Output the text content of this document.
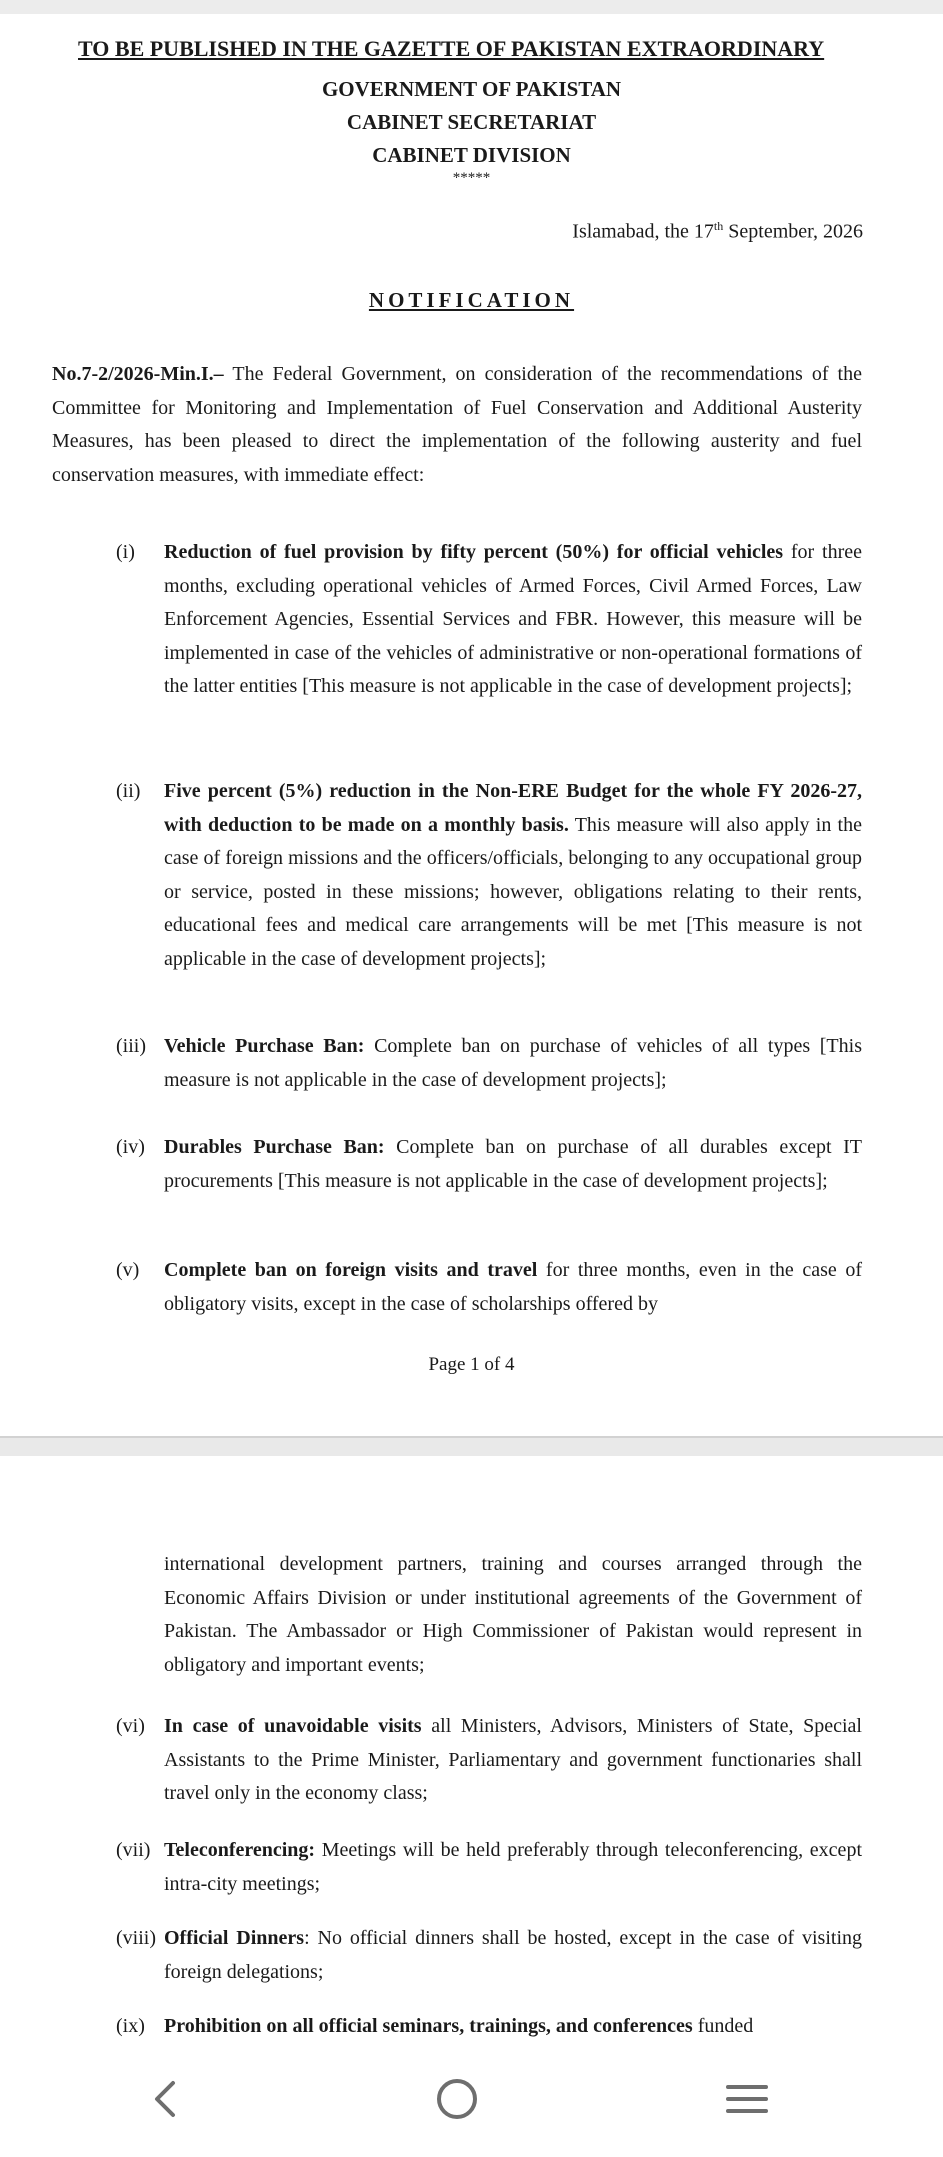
TO BE PUBLISHED IN THE GAZETTE OF PAKISTAN EXTRAORDINARY
GOVERNMENT OF PAKISTAN
CABINET SECRETARIAT
CABINET DIVISION
*****
Islamabad, the 17th September, 2026
NOTIFICATION
No.7-2/2026-Min.I.– The Federal Government, on consideration of the recommendations of the Committee for Monitoring and Implementation of Fuel Conservation and Additional Austerity Measures, has been pleased to direct the implementation of the following austerity and fuel conservation measures, with immediate effect:
(i) Reduction of fuel provision by fifty percent (50%) for official vehicles for three months, excluding operational vehicles of Armed Forces, Civil Armed Forces, Law Enforcement Agencies, Essential Services and FBR. However, this measure will be implemented in case of the vehicles of administrative or non-operational formations of the latter entities [This measure is not applicable in the case of development projects];
(ii) Five percent (5%) reduction in the Non-ERE Budget for the whole FY 2026-27, with deduction to be made on a monthly basis. This measure will also apply in the case of foreign missions and the officers/officials, belonging to any occupational group or service, posted in these missions; however, obligations relating to their rents, educational fees and medical care arrangements will be met [This measure is not applicable in the case of development projects];
(iii) Vehicle Purchase Ban: Complete ban on purchase of vehicles of all types [This measure is not applicable in the case of development projects];
(iv) Durables Purchase Ban: Complete ban on purchase of all durables except IT procurements [This measure is not applicable in the case of development projects];
(v) Complete ban on foreign visits and travel for three months, even in the case of obligatory visits, except in the case of scholarships offered by
Page 1 of 4
international development partners, training and courses arranged through the Economic Affairs Division or under institutional agreements of the Government of Pakistan. The Ambassador or High Commissioner of Pakistan would represent in obligatory and important events;
(vi) In case of unavoidable visits all Ministers, Advisors, Ministers of State, Special Assistants to the Prime Minister, Parliamentary and government functionaries shall travel only in the economy class;
(vii) Teleconferencing: Meetings will be held preferably through teleconferencing, except intra-city meetings;
(viii) Official Dinners: No official dinners shall be hosted, except in the case of visiting foreign delegations;
(ix) Prohibition on all official seminars, trainings, and conferences funded
